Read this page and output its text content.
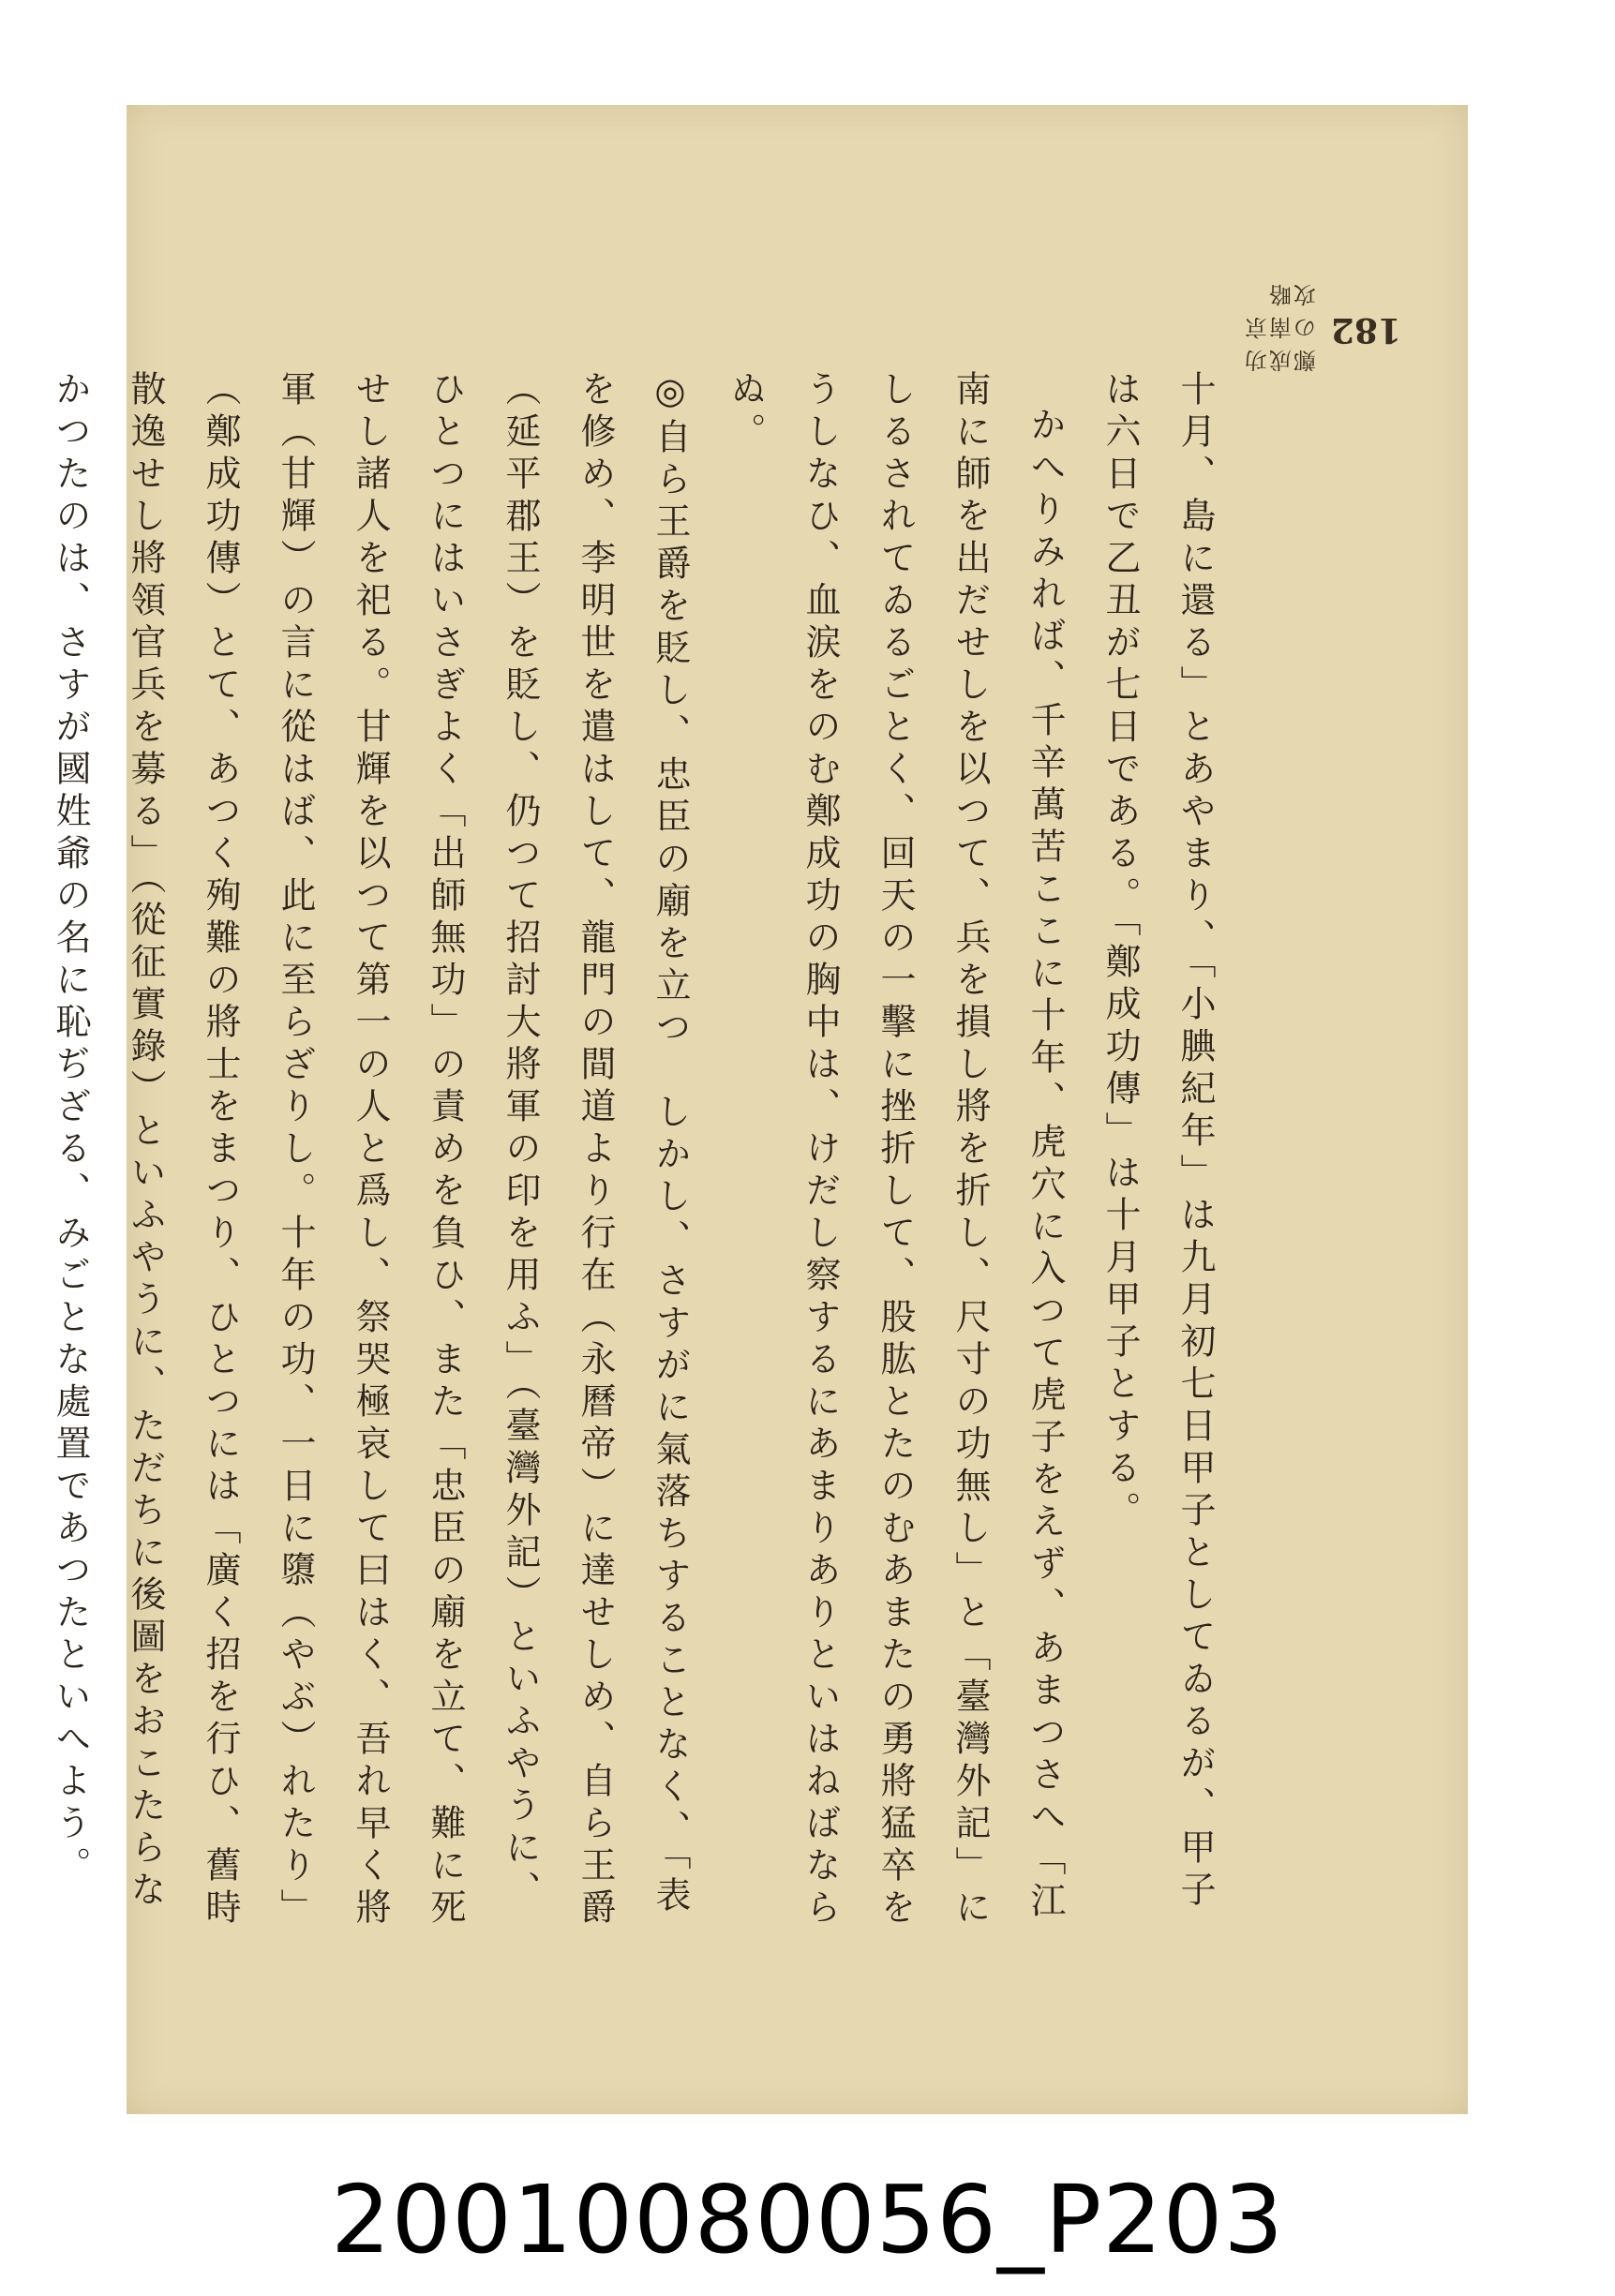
182
鄭成功の南京攻略

十月、島に還る」とあやまり、「小腆紀年」は九月初七日甲子としてゐるが、甲子は六日で乙丑が七日である。「鄭成功傳」は十月甲子とする。

かへりみれば、千辛萬苦ここに十年、虎穴に入つて虎子をえず、あまつさへ「江南に師を出だせしを以つて、兵を損し將を折し、尺寸の功無し」と「臺灣外記」にしるされてゐるごとく、回天の一擊に挫折して、股肱とたのむあまたの勇將猛卒をうしなひ、血涙をのむ鄭成功の胸中は、けだし察するにあまりありといはねばならぬ。

◎自ら王爵を貶し、忠臣の廟を立つ　しかし、さすがに氣落ちすることなく、「表を修め、李明世を遣はして、龍門の間道より行在（永曆帝）に達せしめ、自ら王爵（延平郡王）を貶し、仍つて招討大將軍の印を用ふ」（臺灣外記）といふやうに、ひとつにはいさぎよく「出師無功」の責めを負ひ、また「忠臣の廟を立て、難に死せし諸人を祀る。甘輝を以つて第一の人と爲し、祭哭極哀して曰はく、吾れ早く將軍（甘輝）の言に從はば、此に至らざりし。十年の功、一日に隳（やぶ）れたり」（鄭成功傳）とて、あつく殉難の將士をまつり、ひとつには「廣く招を行ひ、舊時散逸せし將領官兵を募る」（從征實錄）といふやうに、ただちに後圖をおこたらなかつたのは、さすが國姓爺の名に恥ぢざる、みごとな處置であつたといへよう。

20010080056_P203
